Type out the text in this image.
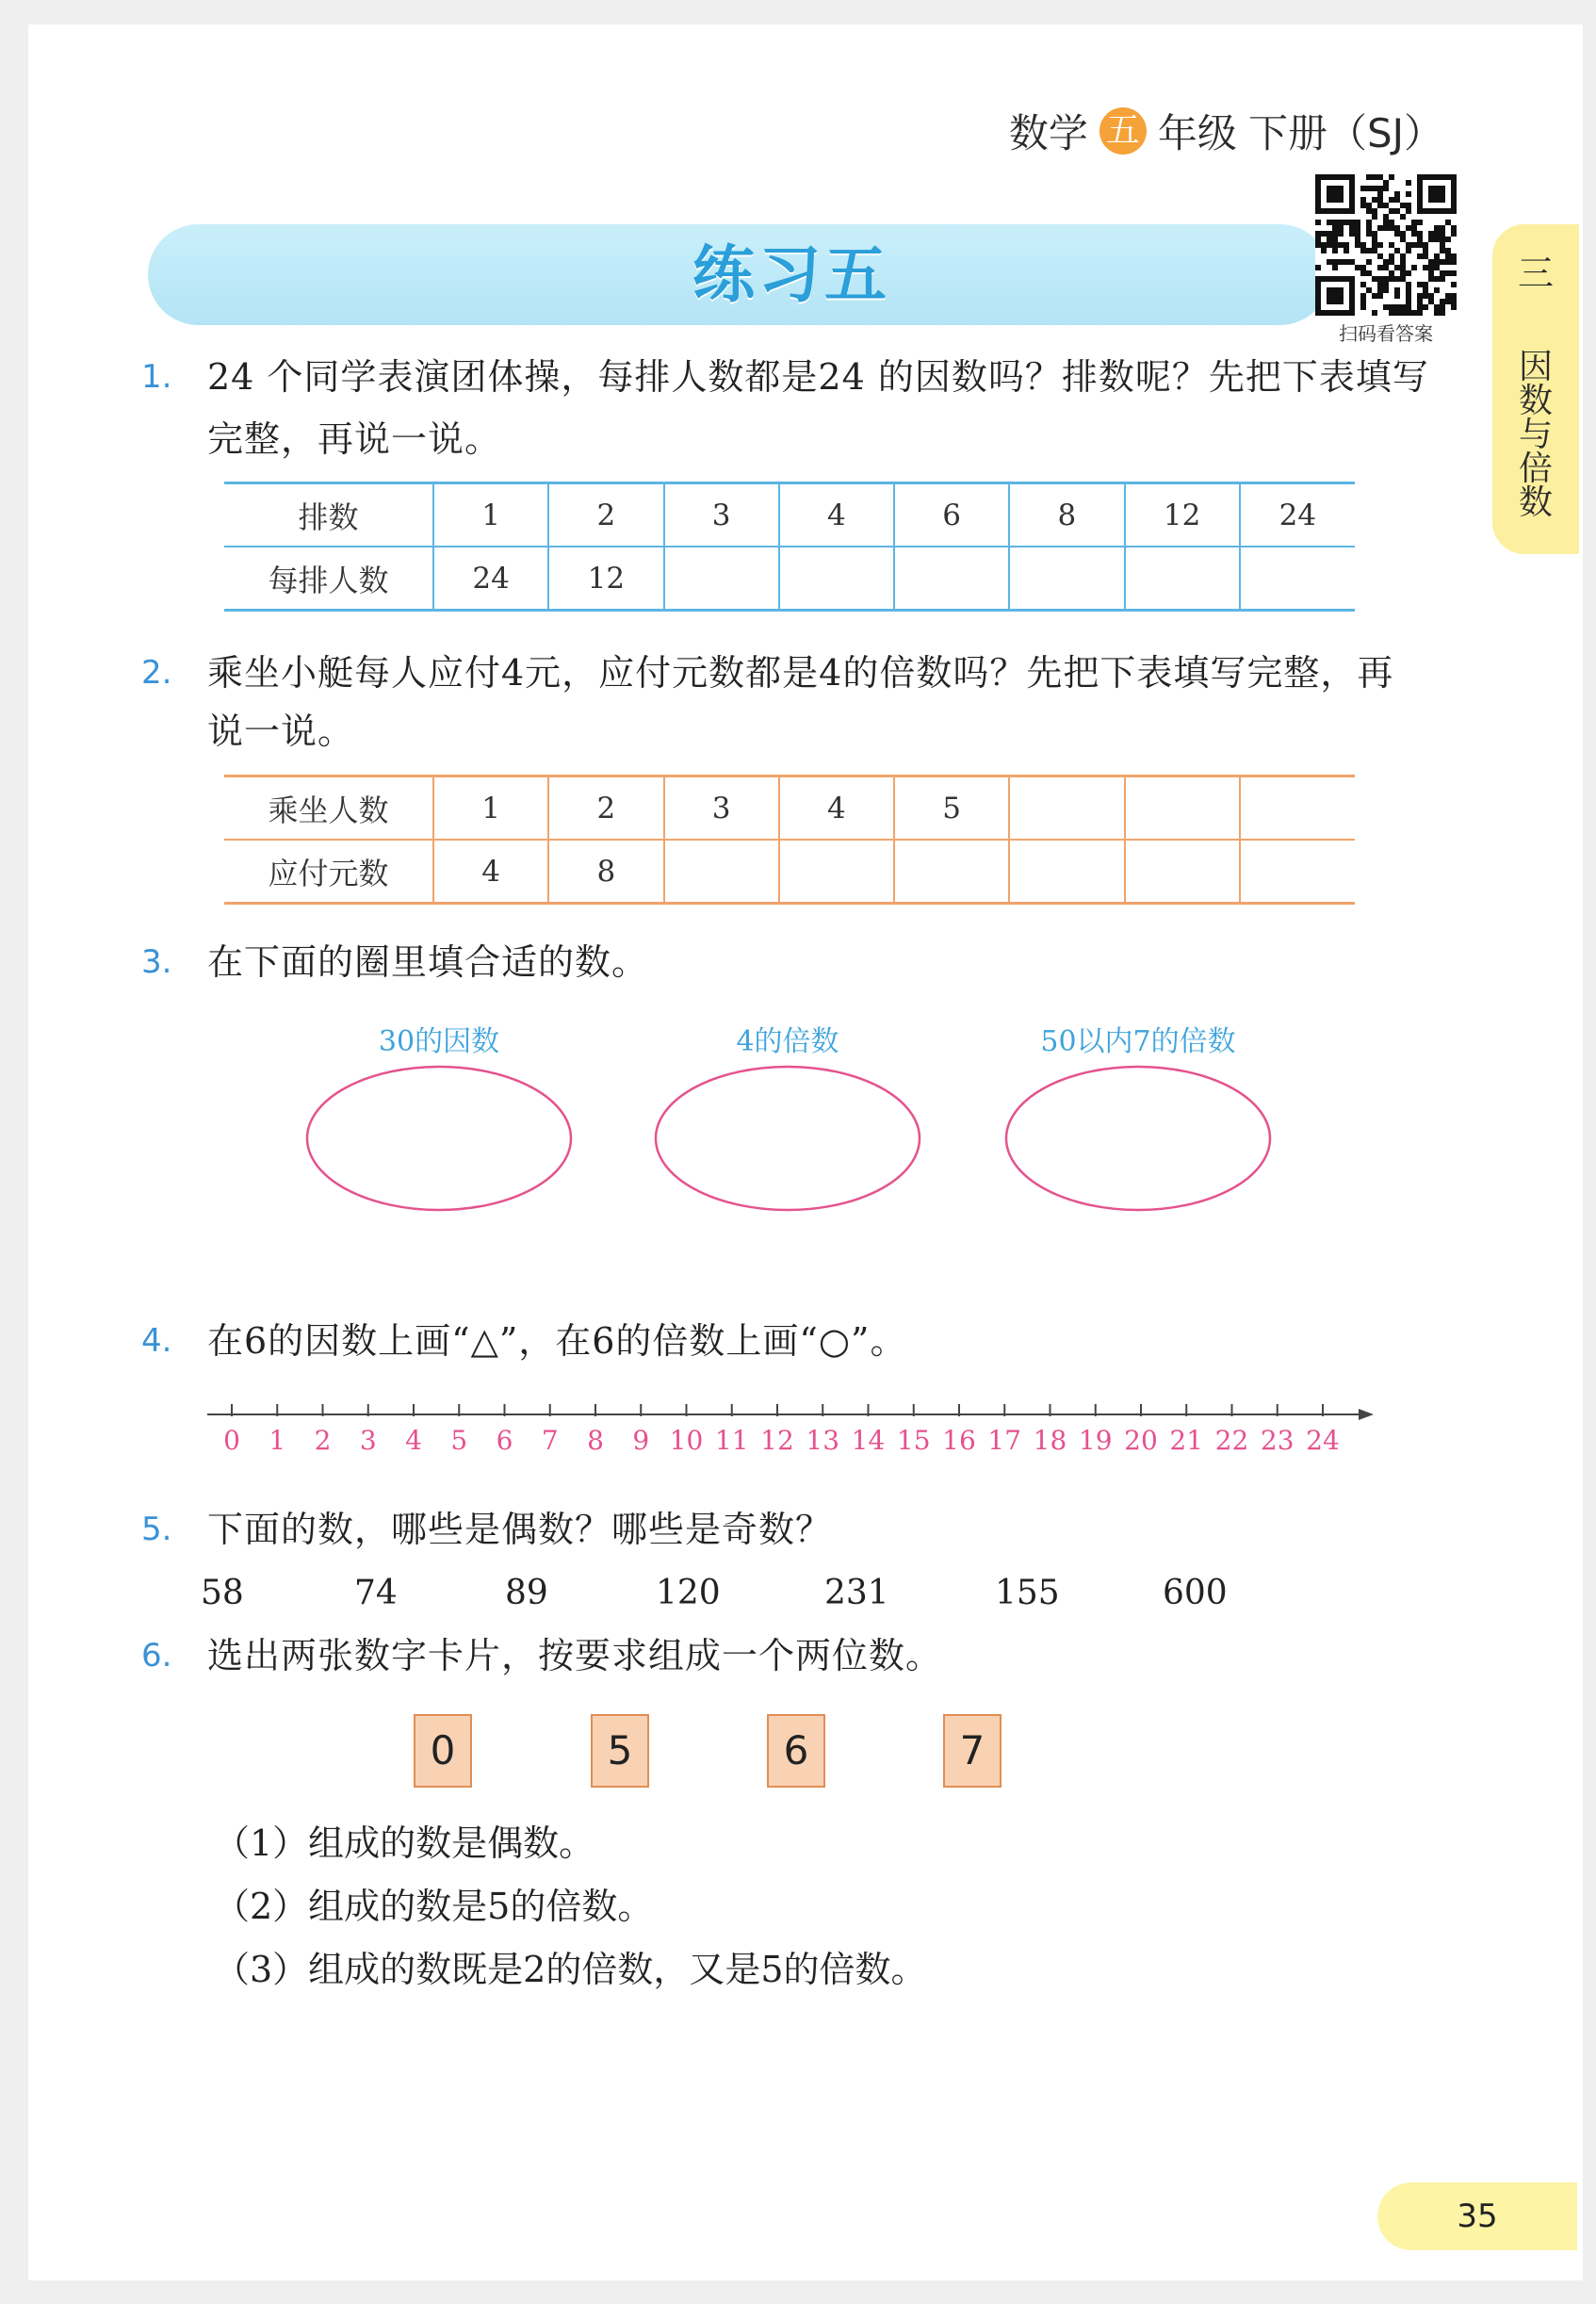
数学 五 年级 下册（SJ）
练习五
扫码看答案
三
因数与倍数
1. 24 个同学表演团体操，每排人数都是24 的因数吗？排数呢？先把下表填写
完整，再说一说。
排数	1	2	3	4	6	8	12	24
每排人数	24	12						
2. 乘坐小艇每人应付4元，应付元数都是4的倍数吗？先把下表填写完整，再
说一说。
乘坐人数	1	2	3	4	5			
应付元数	4	8						
3. 在下面的圈里填合适的数。
30的因数	4的倍数	50以内7的倍数
4. 在6的因数上画“△”，在6的倍数上画“○”。
0 1 2 3 4 5 6 7 8 9 10 11 12 13 14 15 16 17 18 19 20 21 22 23 24
5. 下面的数，哪些是偶数？哪些是奇数？
58	74	89	120	231	155	600
6. 选出两张数字卡片，按要求组成一个两位数。
0	5	6	7
（1）组成的数是偶数。
（2）组成的数是5的倍数。
（3）组成的数既是2的倍数，又是5的倍数。
35
